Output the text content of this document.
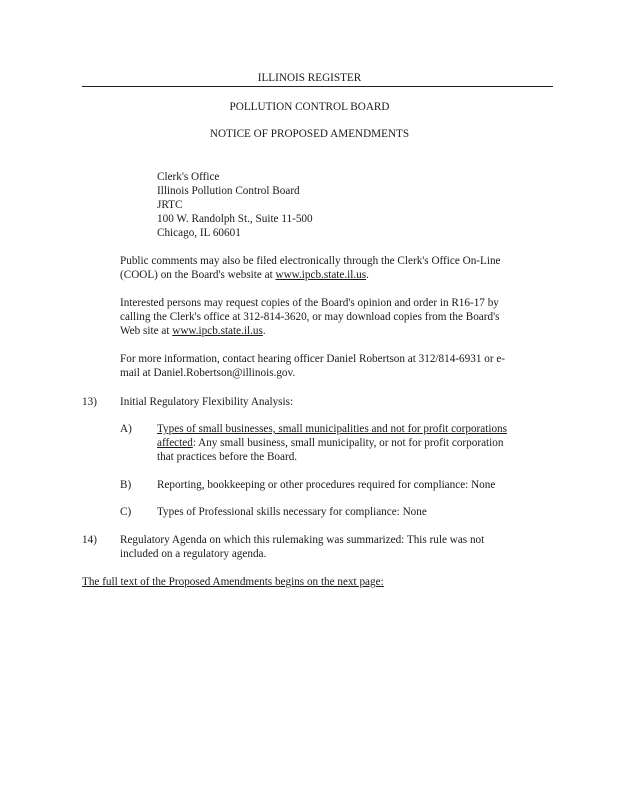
ILLINOIS REGISTER
POLLUTION CONTROL BOARD
NOTICE OF PROPOSED AMENDMENTS
Clerk's Office
Illinois Pollution Control Board
JRTC
100 W. Randolph St., Suite 11-500
Chicago, IL 60601
Public comments may also be filed electronically through the Clerk's Office On-Line
(COOL) on the Board's website at www.ipcb.state.il.us.
Interested persons may request copies of the Board's opinion and order in R16-17 by
calling the Clerk's office at 312-814-3620, or may download copies from the Board's
Web site at www.ipcb.state.il.us.
For more information, contact hearing officer Daniel Robertson at 312/814-6931 or e-
mail at Daniel.Robertson@illinois.gov.
13) Initial Regulatory Flexibility Analysis:
A) Types of small businesses, small municipalities and not for profit corporations
affected: Any small business, small municipality, or not for profit corporation
that practices before the Board.
B) Reporting, bookkeeping or other procedures required for compliance: None
C) Types of Professional skills necessary for compliance: None
14) Regulatory Agenda on which this rulemaking was summarized: This rule was not
included on a regulatory agenda.
The full text of the Proposed Amendments begins on the next page:
